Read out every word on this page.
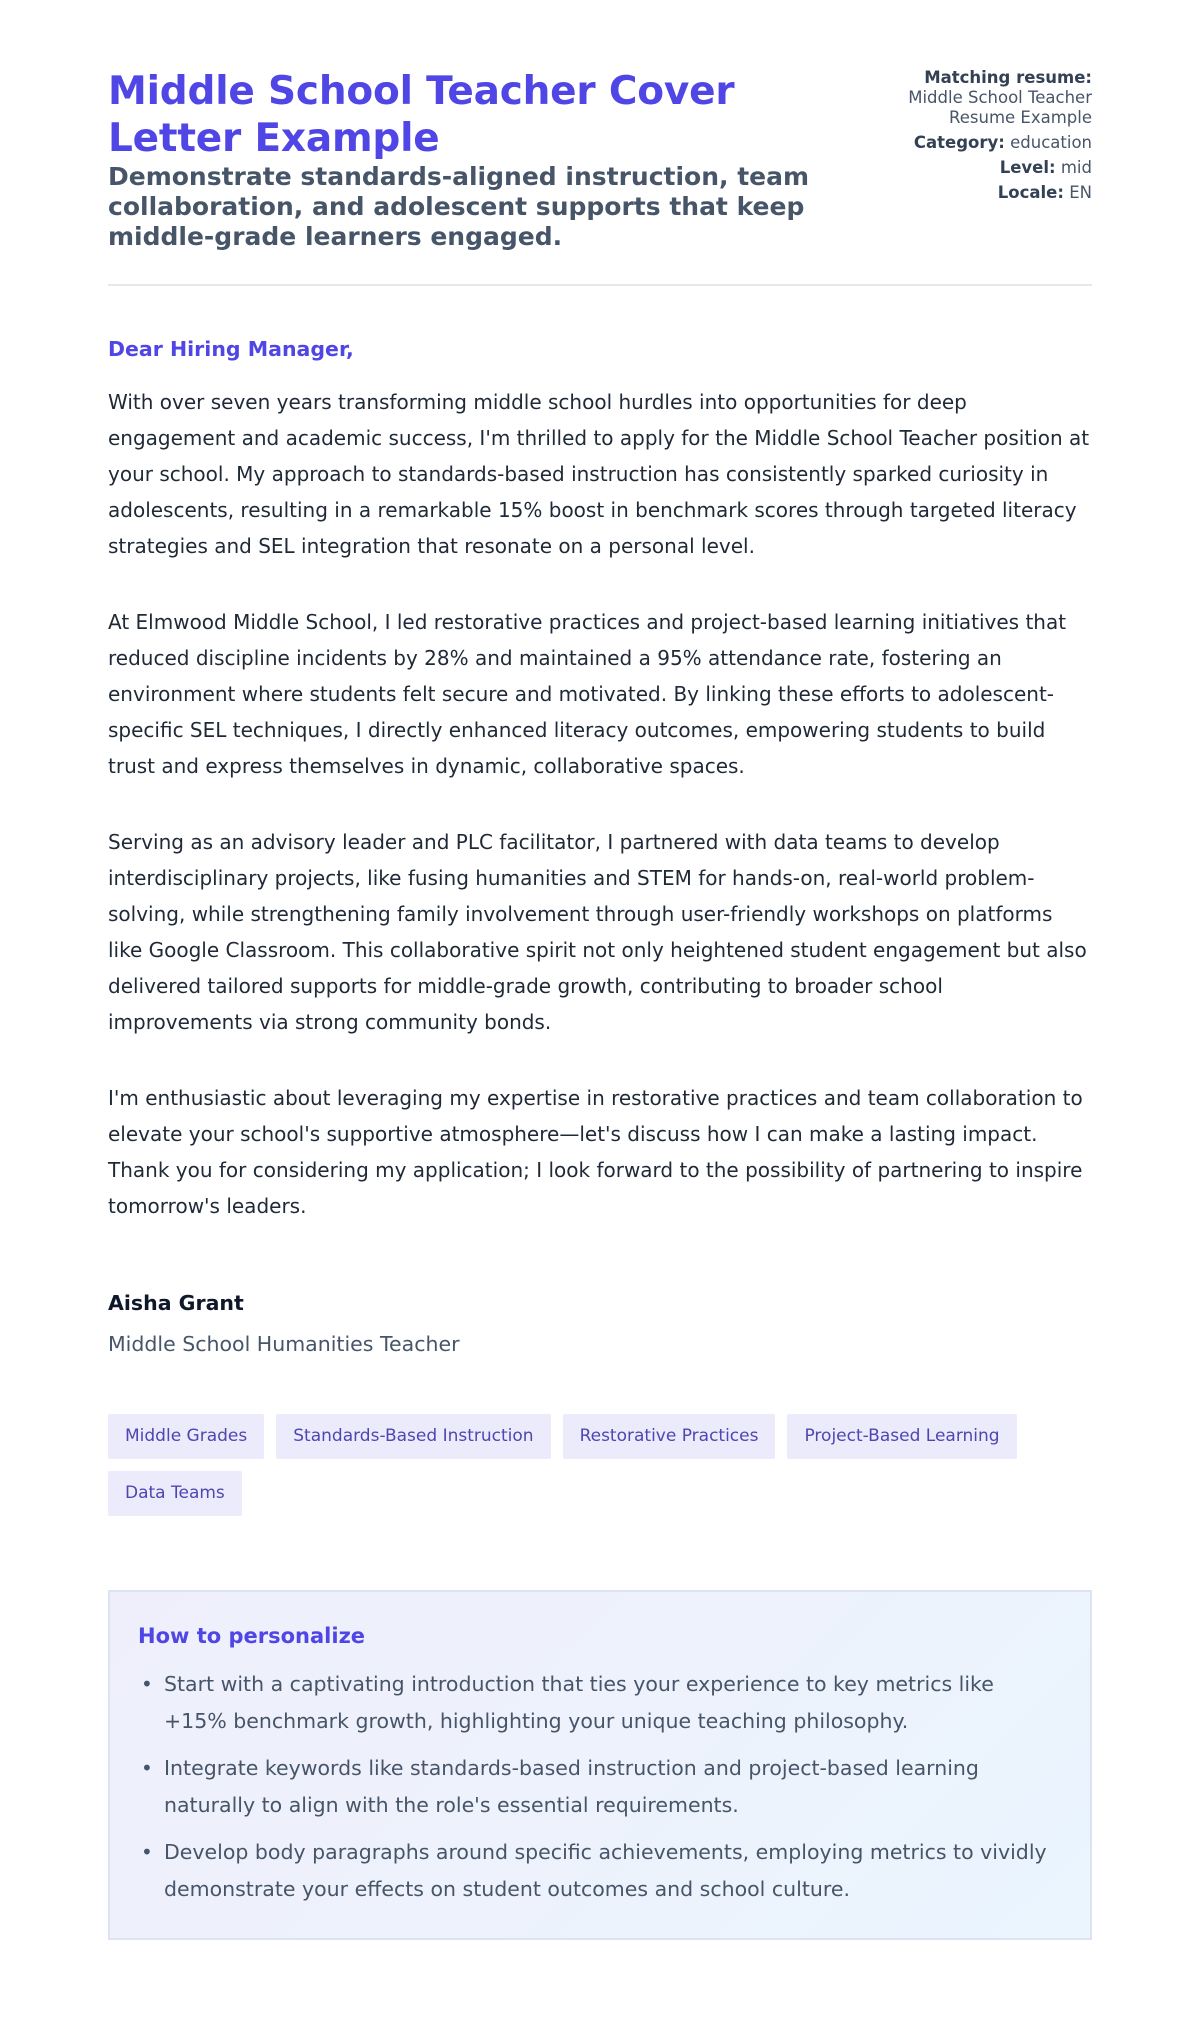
Middle School Teacher Cover Letter Example
Demonstrate standards-aligned instruction, team collaboration, and adolescent supports that keep middle-grade learners engaged.
Matching resume:
Middle School Teacher Resume Example
Category: education
Level: mid
Locale: EN

Dear Hiring Manager,

With over seven years transforming middle school hurdles into opportunities for deep engagement and academic success, I'm thrilled to apply for the Middle School Teacher position at your school. My approach to standards-based instruction has consistently sparked curiosity in adolescents, resulting in a remarkable 15% boost in benchmark scores through targeted literacy strategies and SEL integration that resonate on a personal level.

At Elmwood Middle School, I led restorative practices and project-based learning initiatives that reduced discipline incidents by 28% and maintained a 95% attendance rate, fostering an environment where students felt secure and motivated. By linking these efforts to adolescent-specific SEL techniques, I directly enhanced literacy outcomes, empowering students to build trust and express themselves in dynamic, collaborative spaces.

Serving as an advisory leader and PLC facilitator, I partnered with data teams to develop interdisciplinary projects, like fusing humanities and STEM for hands-on, real-world problem-solving, while strengthening family involvement through user-friendly workshops on platforms like Google Classroom. This collaborative spirit not only heightened student engagement but also delivered tailored supports for middle-grade growth, contributing to broader school improvements via strong community bonds.

I'm enthusiastic about leveraging my expertise in restorative practices and team collaboration to elevate your school's supportive atmosphere—let's discuss how I can make a lasting impact. Thank you for considering my application; I look forward to the possibility of partnering to inspire tomorrow's leaders.

Aisha Grant

Middle School Humanities Teacher

Middle Grades	Standards-Based Instruction	Restorative Practices	Project-Based Learning
Data Teams
How to personalize
• Start with a captivating introduction that ties your experience to key metrics like +15% benchmark growth, highlighting your unique teaching philosophy.
• Integrate keywords like standards-based instruction and project-based learning naturally to align with the role's essential requirements.
• Develop body paragraphs around specific achievements, employing metrics to vividly demonstrate your effects on student outcomes and school culture.
